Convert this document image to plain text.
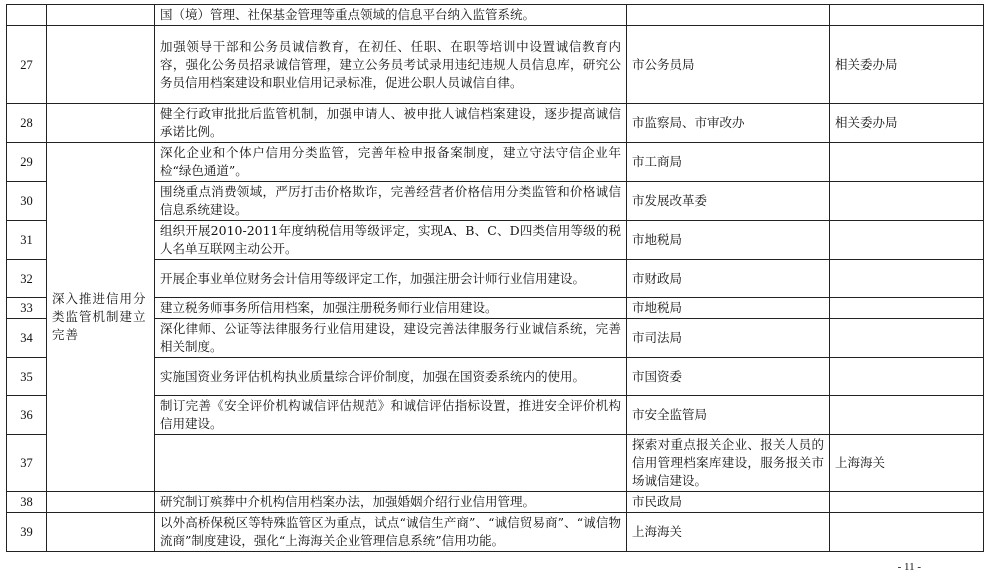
		国（境）管理、社保基金管理等重点领域的信息平台纳入监管系统。			
27		加强领导干部和公务员诚信教育，在初任、任职、在职等培训中设置诚信教育内容，强化公务员招录诚信管理，建立公务员考试录用违纪违规人员信息库，研究公务员信用档案建设和职业信用记录标准，促进公职人员诚信自律。	市公务员局	相关委办局	
28		健全行政审批批后监管机制，加强申请人、被申批人诚信档案建设，逐步提高诚信承诺比例。	市监察局、市审改办	相关委办局	
29	深入推进信用分类监管机制建立完善	深化企业和个体户信用分类监管，完善年检申报备案制度，建立守法守信企业年检“绿色通道”。	市工商局		
30		围绕重点消费领域，严厉打击价格欺诈，完善经营者价格信用分类监管和价格诚信信息系统建设。	市发展改革委		
31		组织开展2010-2011年度纳税信用等级评定，实现A、B、C、D四类信用等级的税人名单互联网主动公开。	市地税局		
32		开展企事业单位财务会计信用等级评定工作，加强注册会计师行业信用建设。	市财政局		
33		建立税务师事务所信用档案，加强注册税务师行业信用建设。	市地税局		
34		深化律师、公证等法律服务行业信用建设，建设完善法律服务行业诚信系统，完善相关制度。	市司法局		
35		实施国资业务评估机构执业质量综合评价制度，加强在国资委系统内的使用。	市国资委		
36		制订完善《安全评价机构诚信评估规范》和诚信评估指标设置，推进安全评价机构信用建设。	市安全监管局		
37			探索对重点报关企业、报关人员的信用管理档案库建设，服务报关市场诚信建设。	上海海关	
38		研究制订殡葬中介机构信用档案办法，加强婚姻介绍行业信用管理。	市民政局		
39		以外高桥保税区等特殊监管区为重点，试点“诚信生产商”、“诚信贸易商”、“诚信物流商”制度建设，强化“上海海关企业管理信息系统”信用功能。	上海海关		
- 11 -
